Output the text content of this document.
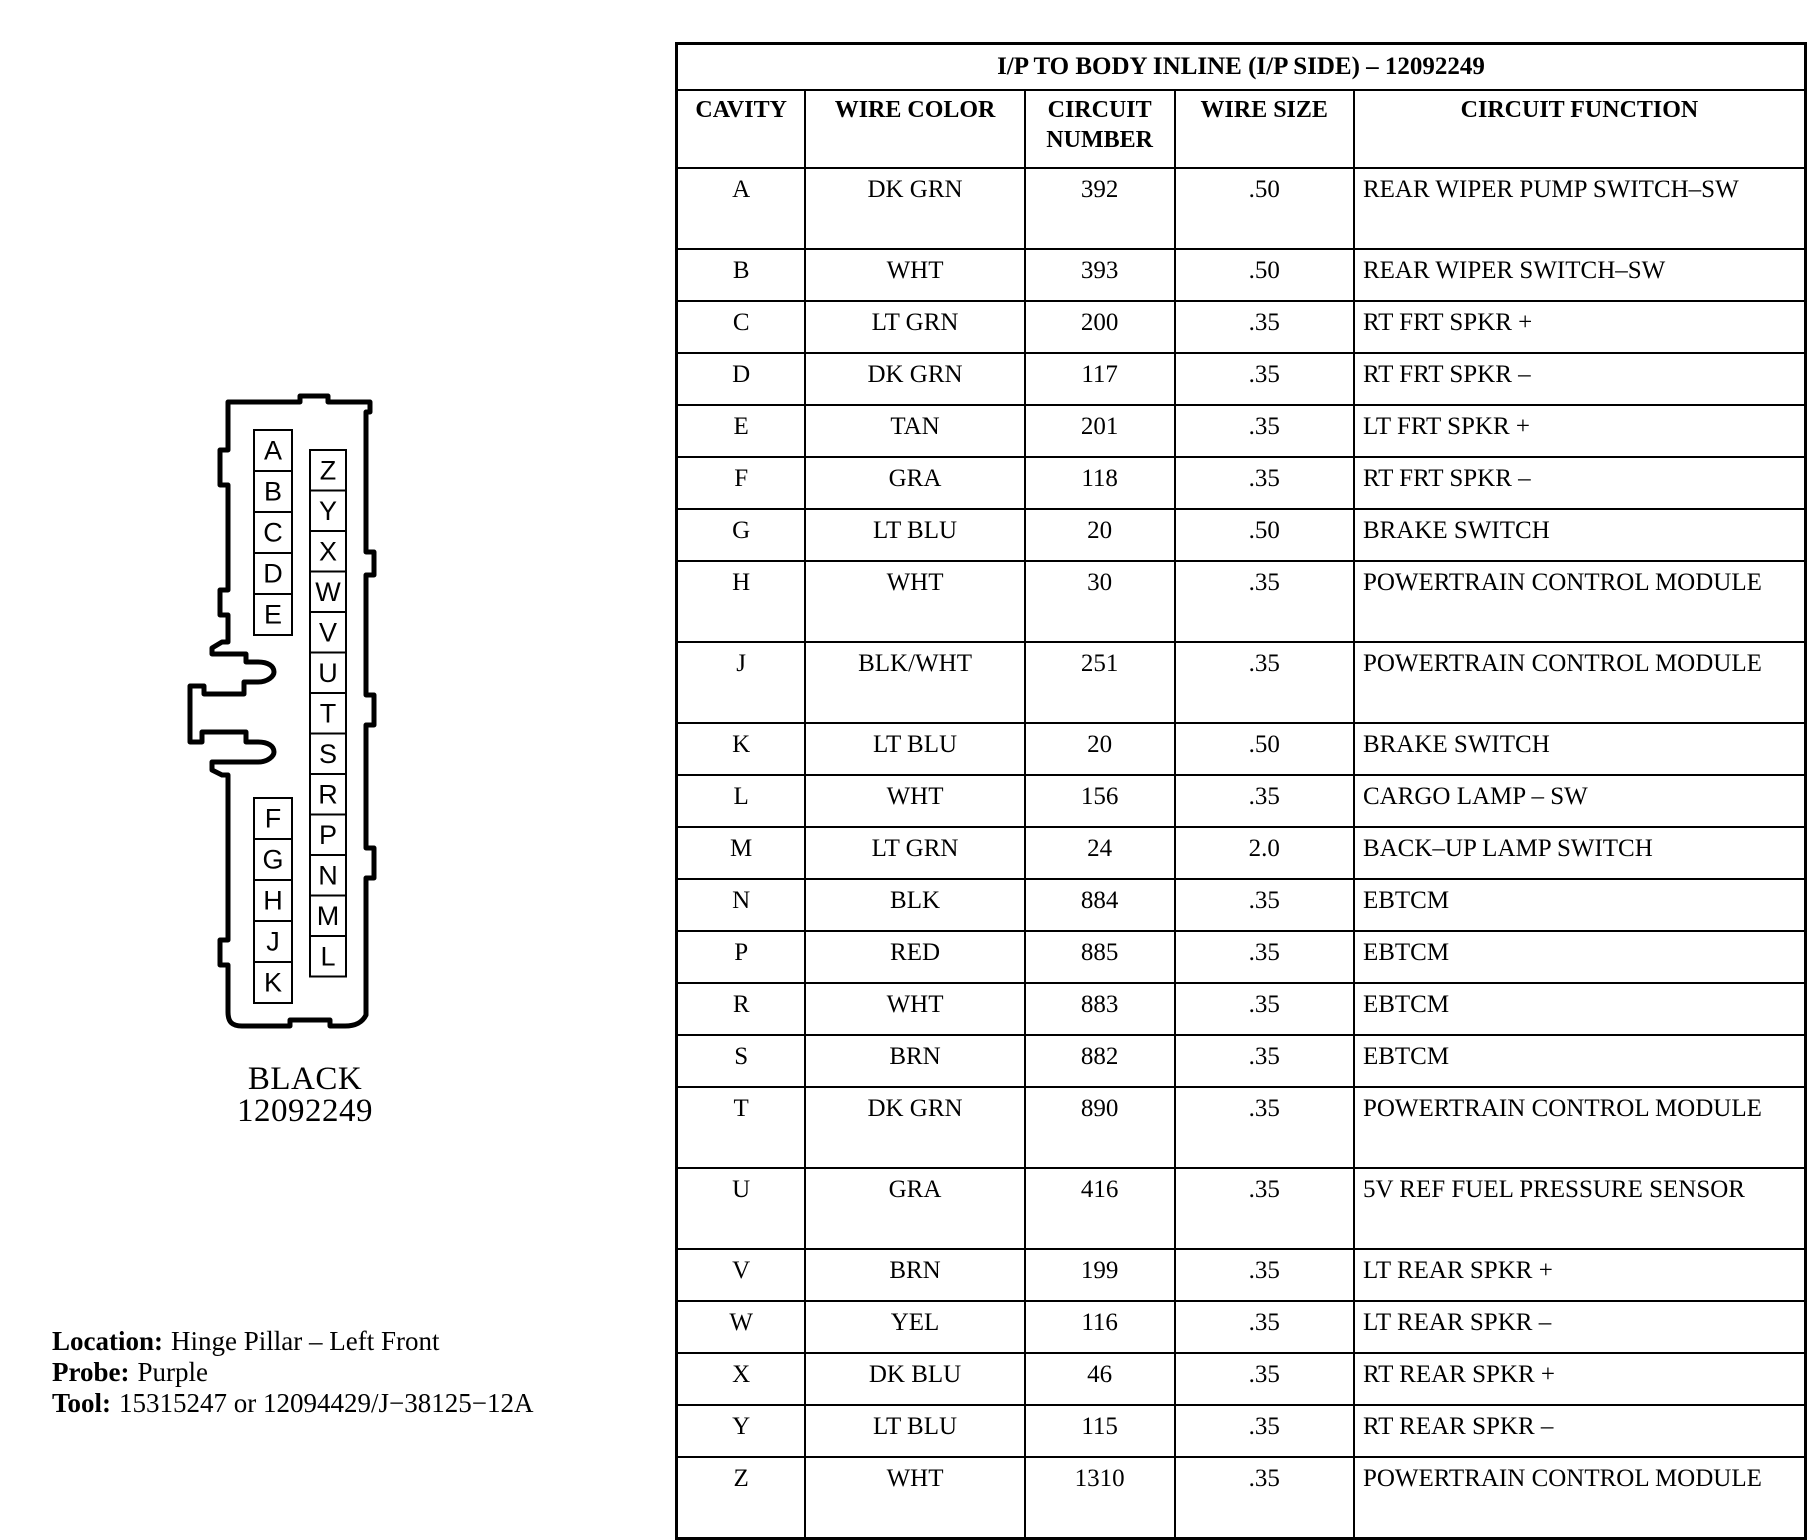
A
B
C
D
E
F
G
H
J
K
Z
Y
X
W
V
U
T
S
R
P
N
M
L
BLACK
12092249
Location: Hinge Pillar – Left Front
Probe: Purple
Tool: 15315247 or 12094429/J−38125−12A
I/P TO BODY INLINE (I/P SIDE) – 12092249				
CAVITY	WIRE COLOR	CIRCUIT NUMBER	WIRE SIZE	CIRCUIT FUNCTION
A	DK GRN	392	.50	REAR WIPER PUMP SWITCH–SW
B	WHT	393	.50	REAR WIPER SWITCH–SW
C	LT GRN	200	.35	RT FRT SPKR +
D	DK GRN	117	.35	RT FRT SPKR –
E	TAN	201	.35	LT FRT SPKR +
F	GRA	118	.35	RT FRT SPKR –
G	LT BLU	20	.50	BRAKE SWITCH
H	WHT	30	.35	POWERTRAIN CONTROL MODULE
J	BLK/WHT	251	.35	POWERTRAIN CONTROL MODULE
K	LT BLU	20	.50	BRAKE SWITCH
L	WHT	156	.35	CARGO LAMP – SW
M	LT GRN	24	2.0	BACK–UP LAMP SWITCH
N	BLK	884	.35	EBTCM
P	RED	885	.35	EBTCM
R	WHT	883	.35	EBTCM
S	BRN	882	.35	EBTCM
T	DK GRN	890	.35	POWERTRAIN CONTROL MODULE
U	GRA	416	.35	5V REF FUEL PRESSURE SENSOR
V	BRN	199	.35	LT REAR SPKR +
W	YEL	116	.35	LT REAR SPKR –
X	DK BLU	46	.35	RT REAR SPKR +
Y	LT BLU	115	.35	RT REAR SPKR –
Z	WHT	1310	.35	POWERTRAIN CONTROL MODULE
